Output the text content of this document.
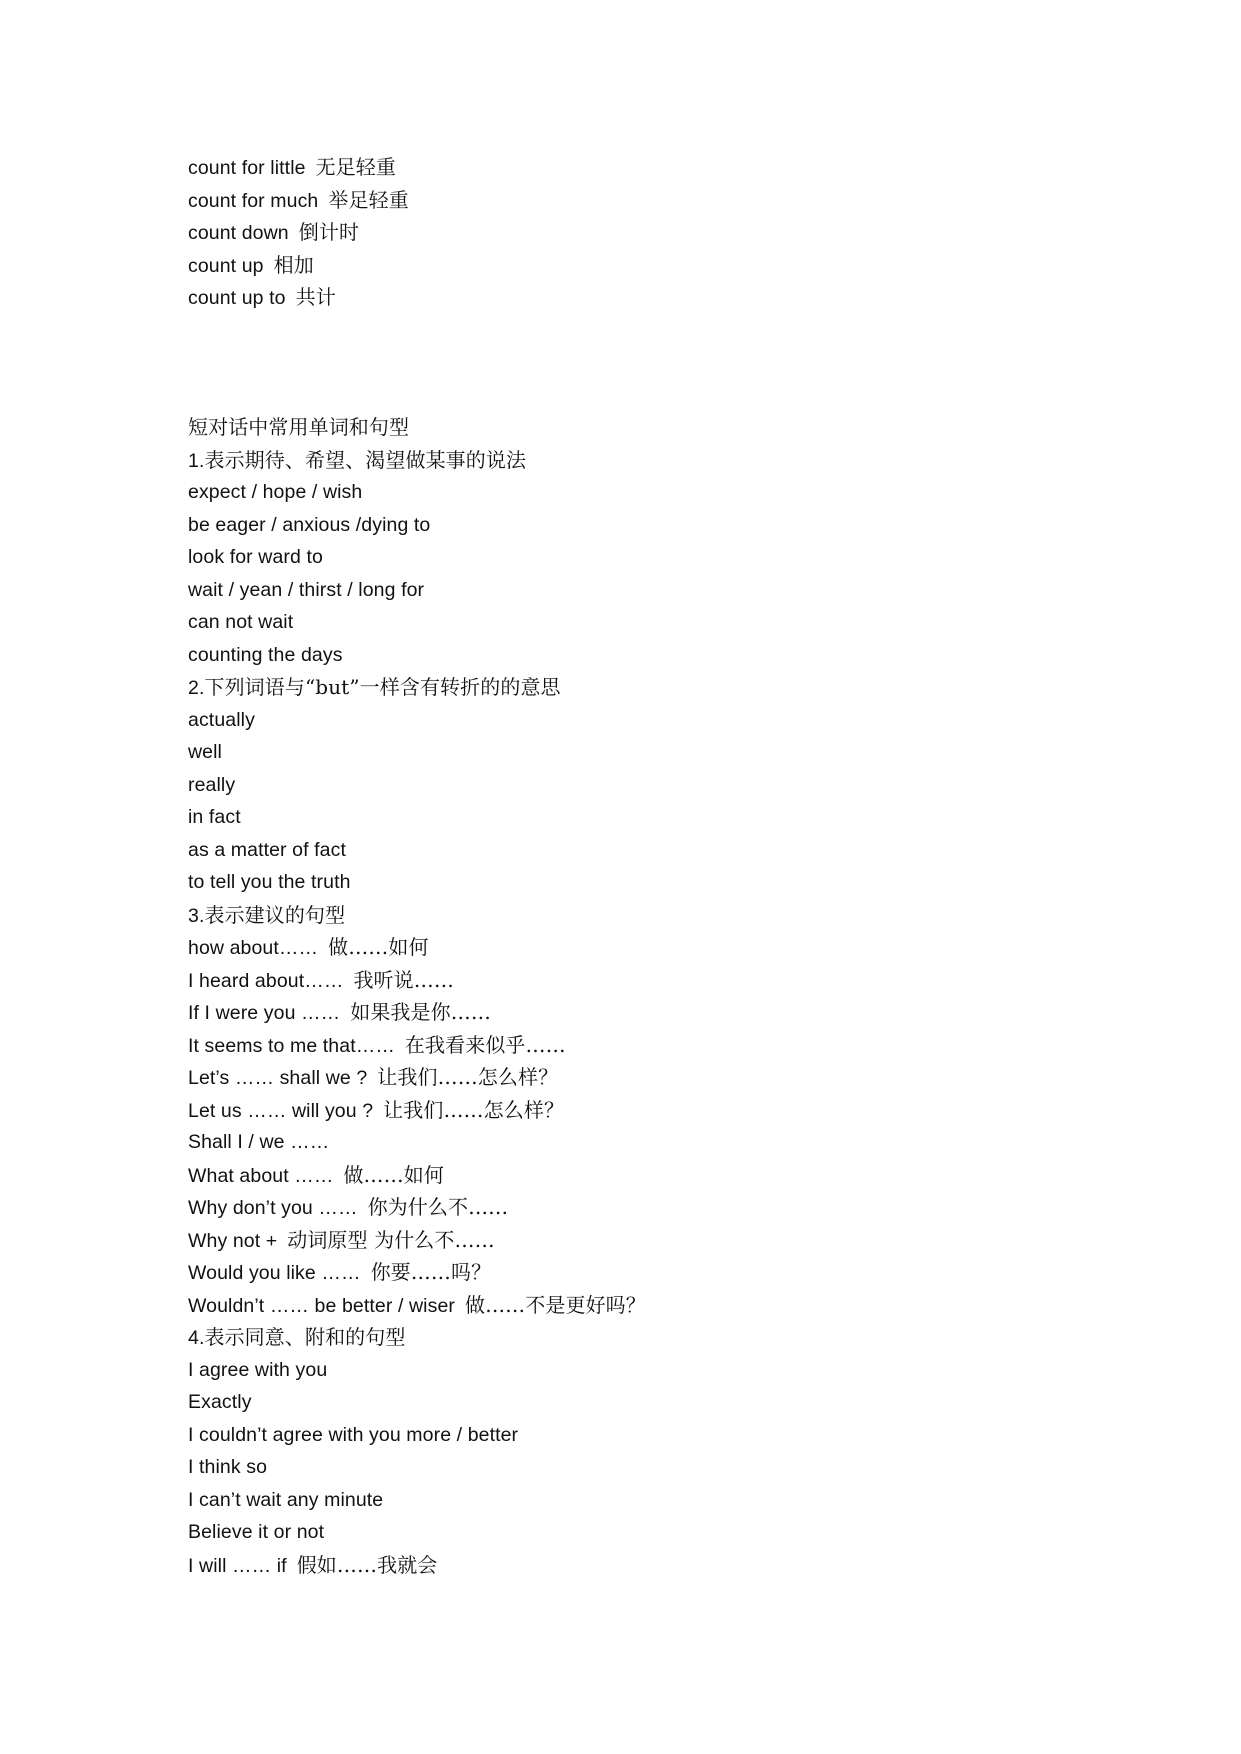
count for little 无足轻重
count for much 举足轻重
count down 倒计时
count up 相加
count up to 共计
短对话中常用单词和句型
1.表示期待、希望、渴望做某事的说法
expect / hope / wish
be eager / anxious /dying to
look for ward to
wait / yean / thirst / long for
can not wait
counting the days
2.下列词语与“but”一样含有转折的的意思
actually
well
really
in fact
as a matter of fact
to tell you the truth
3.表示建议的句型
how about…… 做……如何
I heard about…… 我听说……
If I were you …… 如果我是你……
It seems to me that…… 在我看来似乎……
Let’s …… shall we ? 让我们……怎么样？
Let us …… will you ? 让我们……怎么样？
Shall I / we ……
What about …… 做……如何
Why don’t you …… 你为什么不……
Why not + 动词原型 为什么不……
Would you like …… 你要……吗？
Wouldn’t …… be better / wiser 做……不是更好吗？
4.表示同意、附和的句型
I agree with you
Exactly
I couldn’t agree with you more / better
I think so
I can’t wait any minute
Believe it or not
I will …… if 假如……我就会
